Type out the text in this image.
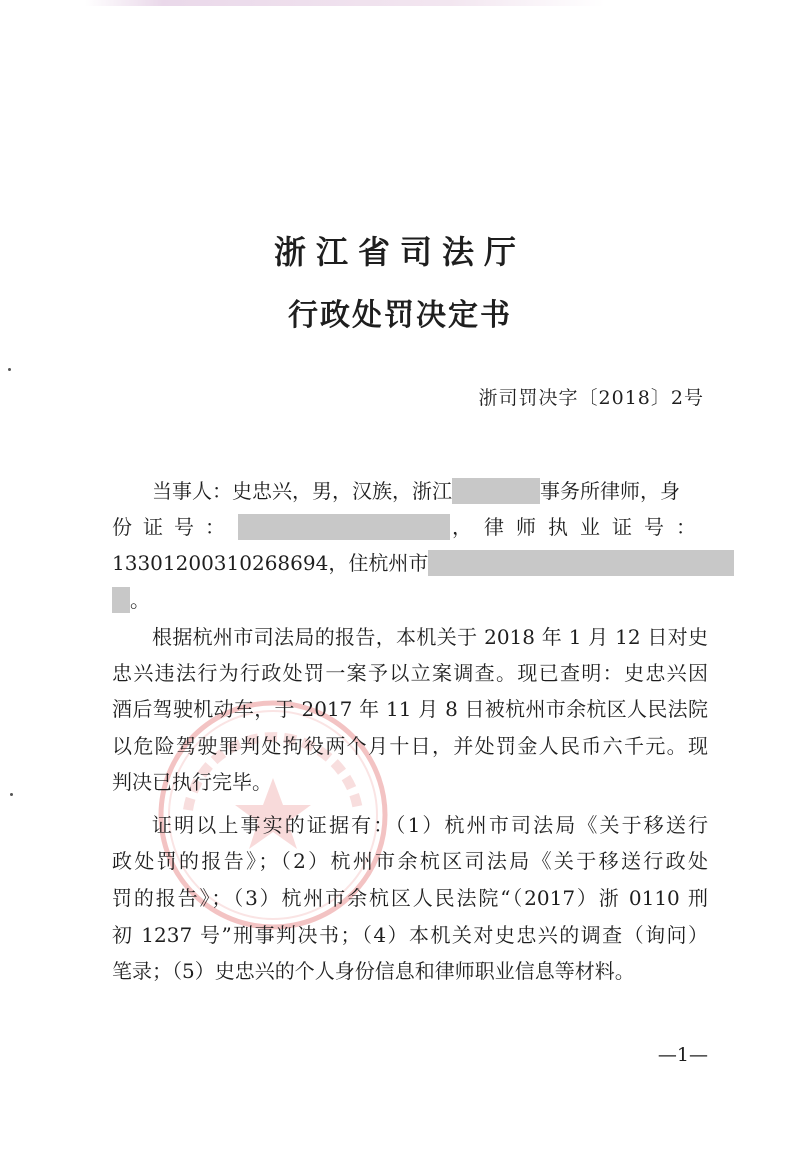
浙江省司法厅
行政处罚决定书
浙司罚决字〔2018〕2号
当事人：史忠兴，男，汉族，浙江	事务所律师，身
份证号：	，律师执业证号：
13301200310268694，住杭州市
。
根据杭州市司法局的报告，本机关于 2018 年 1 月 12 日对史
忠兴违法行为行政处罚一案予以立案调查。现已查明：史忠兴因
酒后驾驶机动车，于 2017 年 11 月 8 日被杭州市余杭区人民法院
以危险驾驶罪判处拘役两个月十日，并处罚金人民币六千元。现
判决已执行完毕。
证明以上事实的证据有：（1）杭州市司法局《关于移送行
政处罚的报告》；（2）杭州市余杭区司法局《关于移送行政处
罚的报告》；（3）杭州市余杭区人民法院“（2017）浙 0110 刑
初 1237 号”刑事判决书；（4）本机关对史忠兴的调查（询问）
笔录；（5）史忠兴的个人身份信息和律师职业信息等材料。
—1—
